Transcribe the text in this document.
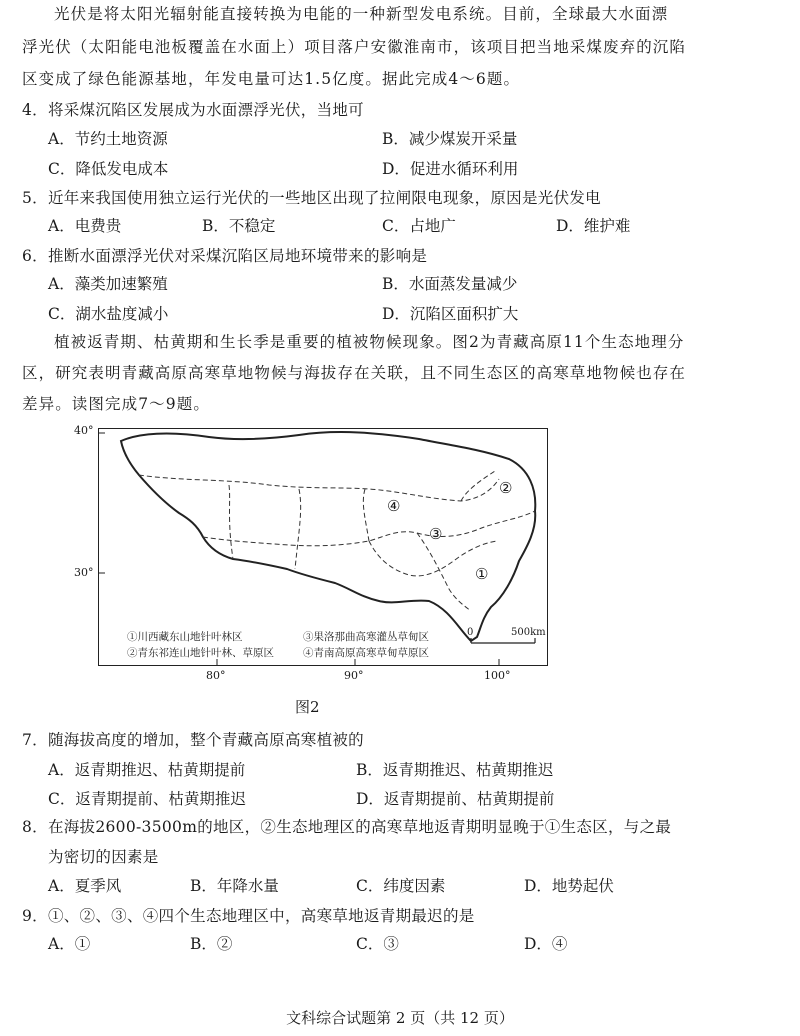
光伏是将太阳光辐射能直接转换为电能的一种新型发电系统。目前，全球最大水面漂
浮光伏（太阳能电池板覆盖在水面上）项目落户安徽淮南市，该项目把当地采煤废弃的沉陷
区变成了绿色能源基地，年发电量可达1.5亿度。据此完成4～6题。
4．将采煤沉陷区发展成为水面漂浮光伏，当地可
A．节约土地资源	B．减少煤炭开采量
C．降低发电成本	D．促进水循环利用
5．近年来我国使用独立运行光伏的一些地区出现了拉闸限电现象，原因是光伏发电
A．电费贵	B．不稳定	C．占地广	D．维护难
6．推断水面漂浮光伏对采煤沉陷区局地环境带来的影响是
A．藻类加速繁殖	B．水面蒸发量减少
C．湖水盐度减小	D．沉陷区面积扩大
植被返青期、枯黄期和生长季是重要的植被物候现象。图2为青藏高原11个生态地理分
区，研究表明青藏高原高寒草地物候与海拔存在关联，且不同生态区的高寒草地物候也存在
差异。读图完成7～9题。
④
③
②
①
0	500km
①川西藏东山地针叶林区	③果洛那曲高寒灌丛草甸区
②青东祁连山地针叶林、草原区	④青南高原高寒草甸草原区
40°
30°
80°	90°	100°
图2
7．随海拔高度的增加，整个青藏高原高寒植被的
A．返青期推迟、枯黄期提前	B．返青期推迟、枯黄期推迟
C．返青期提前、枯黄期推迟	D．返青期提前、枯黄期提前
8．在海拔2600-3500m的地区，②生态地理区的高寒草地返青期明显晚于①生态区，与之最
为密切的因素是
A．夏季风	B．年降水量	C．纬度因素	D．地势起伏
9．①、②、③、④四个生态地理区中，高寒草地返青期最迟的是
A．①	B．②	C．③	D．④
文科综合试题第 2 页（共 12 页）
